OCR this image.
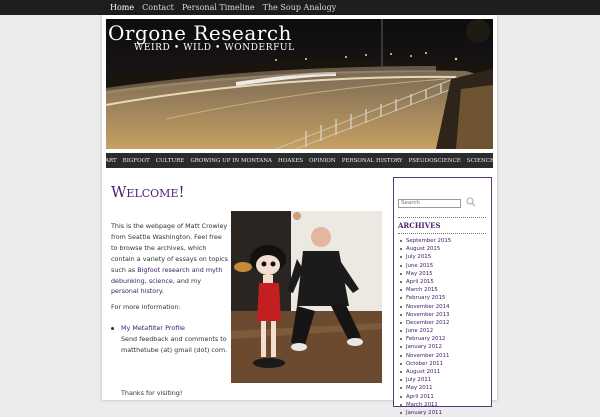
Home Contact Personal Timeline The Soup Analogy
Orgone Research
WEIRD • WILD • WONDERFUL
ART BIGFOOT CULTURE GROWING UP IN MONTANA HOAXES OPINION PERSONAL HISTORY PSEUDOSCIENCE SCIENCE
Welcome!
This is the webpage of Matt Crowley from Seattle Washington. Feel free to browse the archives, which contain a variety of essays on topics such as Bigfoot research and myth debunking, science, and my personal history.
For more information:
My Metafilter Profile
Send feedback and comments to matthetube (at) gmail (dot) com.
Thanks for visiting!
Search
ARCHIVES
September 2015
August 2015
July 2015
June 2015
May 2015
April 2015
March 2015
February 2015
November 2014
November 2013
December 2012
June 2012
February 2012
January 2012
November 2011
October 2011
August 2011
July 2011
May 2011
April 2011
March 2011
January 2011
